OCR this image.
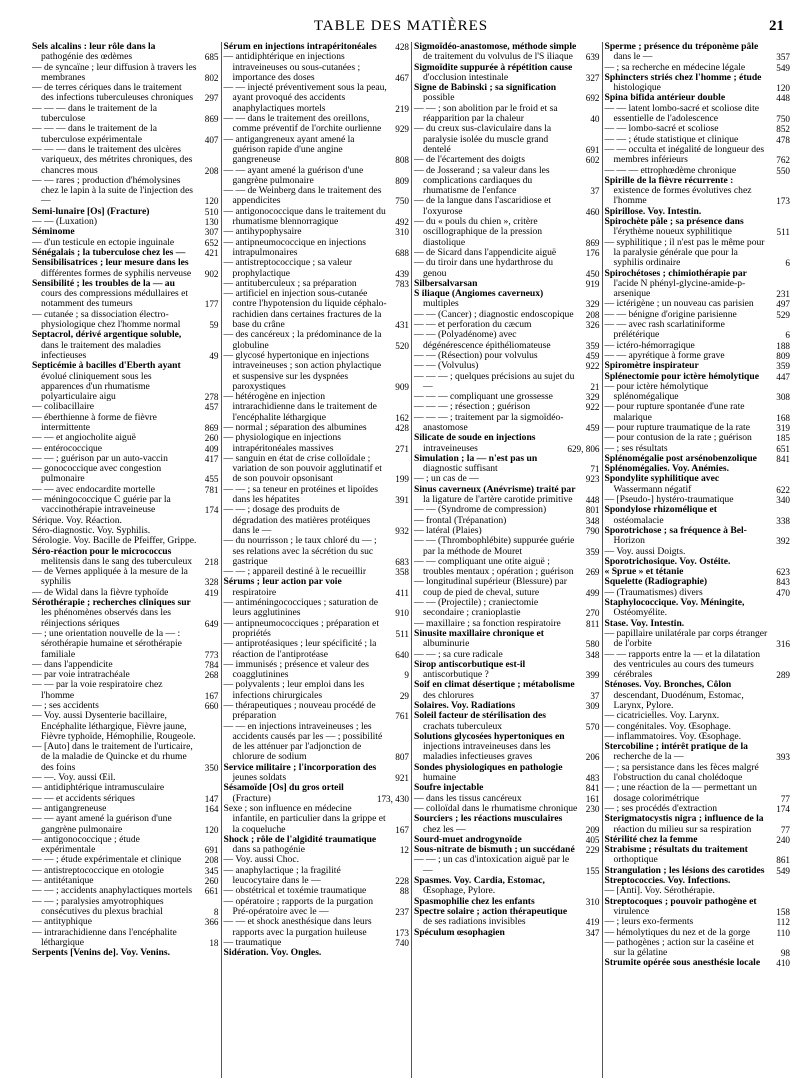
TABLE DES MATIÈRES	21
Sels alcalins : leur rôle dans la pathogénie des œdèmes	685
— de syncaïne ; leur diffusion à travers les membranes	802
— de terres cériques dans le traitement des infections tuberculeuses chroniques	297
— — — dans le traitement de la tuberculose	869
— — — dans le traitement de la tuberculose expérimentale	407
— — — dans le traitement des ulcères variqueux, des métrites chroniques, des chancres mous	208
— — rares ; production d'hémolysines chez le lapin à la suite de l'injection des —	120
Semi-lunaire [Os] (Fracture)	510
— — (Luxation)	130
Séminome	307
— d'un testicule en ectopie inguinale	652
Sénégalais ; la tuberculose chez les —	421
Sensibilisatrices ; leur mesure dans les différentes formes de syphilis nerveuse	902
Sensibilité ; les troubles de la — au cours des compressions médullaires et notamment des tumeurs	177
— cutanée ; sa dissociation électro-physiologique chez l'homme normal	59
Septacrol, dérivé argentique soluble, dans le traitement des maladies infectieuses	49
Septicémie à bacilles d'Eberth ayant évolué cliniquement sous les apparences d'un rhumatisme polyarticulaire aigu	278
— colibacillaire	457
— éberthienne à forme de fièvre intermittente	869
— — et angiocholite aiguë	260
— entérococcique	409
— — ; guérison par un auto-vaccin	417
— gonococcique avec congestion pulmonaire	455
— — avec endocardite mortelle	781
— méningococcique C guérie par la vaccinothérapie intraveineuse	174
Sérique. Voy. Réaction.
Séro-diagnostic. Voy. Syphilis.
Sérologie. Voy. Bacille de Pfeiffer, Grippe.
Séro-réaction pour le micrococcus melitensis dans le sang des tuberculeux	218
— de Vernes appliquée à la mesure de la syphilis	328
— de Widal dans la fièvre typhoïde	419
Sérothérapie ; recherches cliniques sur les phénomènes observés dans les réinjections sériques	649
— ; une orientation nouvelle de la — : sérothérapie humaine et sérothérapie familiale	773
— dans l'appendicite	784
— par voie intratrachéale	268
— — par la voie respiratoire chez l'homme	167
— ; ses accidents	660
— Voy. aussi Dysenterie bacillaire, Encéphalite léthargique, Fièvre jaune, Fièvre typhoïde, Hémophilie, Rougeole.
— [Auto] dans le traitement de l'urticaire, de la maladie de Quincke et du rhume des foins	350
— —. Voy. aussi Œil.
— antidiphtérique intramusculaire
— — et accidents sériques	147
— antigangreneuse	164
— — ayant amené la guérison d'une gangrène pulmonaire	120
— antigonococcique ; étude expérimentale	691
— — ; étude expérimentale et clinique	208
— antistreptococcique en otologie	345
— antitétanique	260
— — ; accidents anaphylactiques mortels	661
— — ; paralysies amyotrophiques consécutives du plexus brachial	8
— antityphique	366
— intrarachidienne dans l'encéphalite léthargique	18
Serpents [Venins de]. Voy. Venins.
Sérum en injections intrapéritonéales	428
— antidiphtérique en injections intraveineuses ou sous-cutanées ; importance des doses	467
— — injecté préventivement sous la peau, ayant provoqué des accidents anaphylactiques mortels	219
— — dans le traitement des oreillons, comme préventif de l'orchite ourlienne	929
— antigangreneux ayant amené la guérison rapide d'une angine gangreneuse	808
— — ayant amené la guérison d'une gangrène pulmonaire	809
— — de Weinberg dans le traitement des appendicites	750
— antigonococcique dans le traitement du rhumatisme blennorragique	492
— antihypophysaire	310
— antipneumococcique en injections intrapulmonaires	688
— antistreptococcique ; sa valeur prophylactique	439
— antituberculeux ; sa préparation	783
— artificiel en injection sous-cutanée contre l'hypotension du liquide céphalo-rachidien dans certaines fractures de la base du crâne	431
— des cancéreux ; la prédominance de la globuline	520
— glycosé hypertonique en injections intraveineuses ; son action phylactique et suspensive sur les dyspnées paroxystiques	909
— hétérogène en injection intrarachidienne dans le traitement de l'encéphalite léthargique	162
— normal ; séparation des albumines	428
— physiologique en injections intrapéritonéales massives	271
— sanguin en état de crise colloïdale ; variation de son pouvoir agglutinatif et de son pouvoir opsonisant	199
— — ; sa teneur en protéines et lipoïdes dans les hépatites	391
— — ; dosage des produits de dégradation des matières protéiques dans le —	932
— du nourrisson ; le taux chloré du — ; ses relations avec la sécrétion du suc gastrique	683
— — ; appareil destiné à le recueillir	358
Sérums ; leur action par voie respiratoire	411
— antiméningococciques ; saturation de leurs agglutinines	910
— antipneumococciques ; préparation et propriétés	511
— antiprotéasiques ; leur spécificité ; la réaction de l'antiprotéase	640
— immunisés ; présence et valeur des coagglutinines	9
— polyvalents ; leur emploi dans les infections chirurgicales	29
— thérapeutiques ; nouveau procédé de préparation	761
— — en injections intraveineuses ; les accidents causés par les — ; possibilité de les atténuer par l'adjonction de chlorure de sodium	807
Service militaire ; l'incorporation des jeunes soldats	921
Sésamoïde [Os] du gros orteil (Fracture)	173, 430
Sexe ; son influence en médecine infantile, en particulier dans la grippe et la coqueluche	167
Shock ; rôle de l'algidité traumatique dans sa pathogénie	12
— Voy. aussi Choc.
— anaphylactique ; la fragilité leucocytaire dans le —	228
— obstétrical et toxémie traumatique	88
— opératoire ; rapports de la purgation Pré-opératoire avec le —	237
— — et shock anesthésique dans leurs rapports avec la purgation huileuse	173
— traumatique	740
Sidération. Voy. Ongles.
Sigmoïdéo-anastomose, méthode simple de traitement du volvulus de l'S iliaque	639
Sigmoïdite suppurée à répétition cause d'occlusion intestinale	327
Signe de Babinski ; sa signification possible	692
— — ; son abolition par le froid et sa réapparition par la chaleur	40
— du creux sus-claviculaire dans la paralysie isolée du muscle grand dentelé	691
— de l'écartement des doigts	602
— de Josserand ; sa valeur dans les complications cardiaques du rhumatisme de l'enfance	37
— de la langue dans l'ascaridiose et l'oxyurose	460
— du « pouls du chien », critère oscillographique de la pression diastolique	869
— de Sicard dans l'appendicite aiguë	176
— du tiroir dans une hydarthrose du genou	450
Silbersalvarsan	919
S iliaque (Angiomes caverneux) multiples	329
— — (Cancer) ; diagnostic endoscopique	208
— — et perforation du cæcum	326
— — (Polyadénome) avec dégénérescence épithéliomateuse	359
— — (Résection) pour volvulus	459
— — (Volvulus)	922
— — — ; quelques précisions au sujet du —	21
— — — compliquant une grossesse	329
— — — ; résection ; guérison	922
— — — ; traitement par la sigmoïdéo-anastomose	459
Silicate de soude en injections intraveineuses	629, 806
Simulation ; la — n'est pas un diagnostic suffisant	71
— ; un cas de —	923
Sinus caverneux (Anévrisme) traité par la ligature de l'artère carotide primitive	448
— — (Syndrome de compression)	801
— frontal (Trépanation)	348
— latéral (Plaies)	790
— — (Thrombophlébite) suppurée guérie par la méthode de Mouret	359
— — compliquant une otite aiguë ; troubles mentaux ; opération ; guérison	269
— longitudinal supérieur (Blessure) par coup de pied de cheval, suture	499
— — (Projectile) ; craniectomie secondaire ; cranioplastie	270
— maxillaire ; sa fonction respiratoire	811
Sinusite maxillaire chronique et albuminurie	580
— — ; sa cure radicale	348
Sirop antiscorbutique est-il antiscorbutique ?	399
Soif en climat désertique ; métabolisme des chlorures	37
Solaires. Voy. Radiations	309
Soleil facteur de stérilisation des crachats tuberculeux	570
Solutions glycosées hypertoniques en injections intraveineuses dans les maladies infectieuses graves	206
Sondes physiologiques en pathologie humaine	483
Soufre injectable	841
— dans les tissus cancéreux	161
— colloïdal dans le rhumatisme chronique 230
Sourciers ; les réactions musculaires chez les —	209
Sourd-muet androgynoïde	405
Sous-nitrate de bismuth ; un succédané	229
— — ; un cas d'intoxication aiguë par le —	155
Spasmes. Voy. Cardia, Estomac, Œsophage, Pylore.
Spasmophilie chez les enfants	310
Spectre solaire ; action thérapeutique de ses radiations invisibles	419
Spéculum œsophagien	347
Sperme ; présence du tréponème pâle dans le —	357
— ; sa recherche en médecine légale	549
Sphincters striés chez l'homme ; étude histologique	120
Spina bifida antérieur double	448
— — latent lombo-sacré et scoliose dite essentielle de l'adolescence	750
— — lombo-sacré et scoliose	852
— — ; étude statistique et clinique	478
— — occulta et inégalité de longueur des membres inférieurs	762
— — — ettrophœdème chronique	550
Spirille de la fièvre récurrente : existence de formes évolutives chez l'homme	173
Spirillose. Voy. Intestin.
Spirochète pâle ; sa présence dans l'érythème noueux syphilitique	511
— syphilitique ; il n'est pas le même pour la paralysie générale que pour la syphilis ordinaire	6
Spirochétoses ; chimiothérapie par l'acide N phényl-glycine-amide-p-arsenique	231
— ictérigène ; un nouveau cas parisien	497
— — bénigne d'origine parisienne	529
— — avec rash scarlatiniforme prélétérique	6
— ictéro-hémorragique	188
— — apyrétique à forme grave	809
Spiromètre inspirateur	359
Splénectomie pour ictère hémolytique	447
— pour ictère hémolytique splénomégalique	308
— pour rupture spontanée d'une rate malarique	168
— pour rupture traumatique de la rate	319
— pour contusion de la rate ; guérison	185
— ; ses résultats	651
Splénomégalie post arsénobenzolique	841
Splénomégalies. Voy. Anémies.
Spondylite syphilitique avec Wassermann négatif	622
— [Pseudo-] hystéro-traumatique	340
Spondylose rhizomélique et ostéomalacie	338
Sporotrichose ; sa fréquence à Bel-Horizon	392
— Voy. aussi Doigts.
Sporotrichosique. Voy. Ostéite.
« Sprue » et tétanie	623
Squelette (Radiographie)	843
— (Traumatismes) divers	470
Staphylococcique. Voy. Méningite, Ostéomyélite.
Stase. Voy. Intestin.
— papillaire unilatérale par corps étranger de l'orbite	316
— — rapports entre la — et la dilatation des ventricules au cours des tumeurs cérébrales	289
Sténoses. Voy. Bronches, Côlon descendant, Duodénum, Estomac, Larynx, Pylore.
— cicatricielles. Voy. Larynx.
— congénitales. Voy. Œsophage.
— inflammatoires. Voy. Œsophage.
Stercobiline ; intérêt pratique de la recherche de la —	393
— ; sa persistance dans les fèces malgré l'obstruction du canal cholédoque
— ; une réaction de la — permettant un dosage colorimétrique	77
— ; ses procédés d'extraction	174
Sterigmatocystis nigra ; influence de la réaction du milieu sur sa respiration	77
Stérilité chez la femme	240
Strabisme ; résultats du traitement orthoptique	861
Strangulation ; les lésions des carotides	549
Streptococcies. Voy. Infections.
— [Anti]. Voy. Sérothérapie.
Streptocoques ; pouvoir pathogène et virulence	158
— ; leurs exo-ferments	112
— hémolytiques du nez et de la gorge	110
— pathogènes ; action sur la caséine et sur la gélatine	98
Strumite opérée sous anesthésie locale	410
